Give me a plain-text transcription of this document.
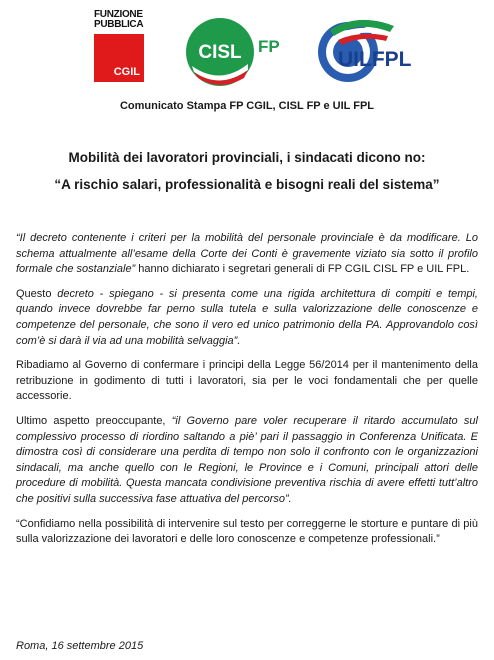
FUNZIONE
PUBBLICA
CGIL
CISL FP
UILFPL
Comunicato Stampa FP CGIL, CISL FP e UIL FPL
Mobilità dei lavoratori provinciali, i sindacati dicono no:
“A rischio salari, professionalità e bisogni reali del sistema”

“Il decreto contenente i criteri per la mobilità del personale provinciale è da modificare. Lo schema attualmente all’esame della Corte dei Conti è gravemente viziato sia sotto il profilo formale che sostanziale” hanno dichiarato i segretari generali di FP CGIL CISL FP e UIL FPL.

Questo decreto - spiegano - si presenta come una rigida architettura di compiti e tempi, quando invece dovrebbe far perno sulla tutela e sulla valorizzazione delle conoscenze e competenze del personale, che sono il vero ed unico patrimonio della PA. Approvandolo così com’è si darà il via ad una mobilità selvaggia”.

Ribadiamo al Governo di confermare i principi della Legge 56/2014 per il mantenimento della retribuzione in godimento di tutti i lavoratori, sia per le voci fondamentali che per quelle accessorie.

Ultimo aspetto preoccupante, “il Governo pare voler recuperare il ritardo accumulato sul complessivo processo di riordino saltando a piè’ pari il passaggio in Conferenza Unificata. E dimostra così di considerare una perdita di tempo non solo il confronto con le organizzazioni sindacali, ma anche quello con le Regioni, le Province e i Comuni, principali attori delle procedure di mobilità. Questa mancata condivisione preventiva rischia di avere effetti tutt’altro che positivi sulla successiva fase attuativa del percorso”.

“Confidiamo nella possibilità di intervenire sul testo per correggerne le storture e puntare di più sulla valorizzazione dei lavoratori e delle loro conoscenze e competenze professionali.”

Roma, 16 settembre 2015
